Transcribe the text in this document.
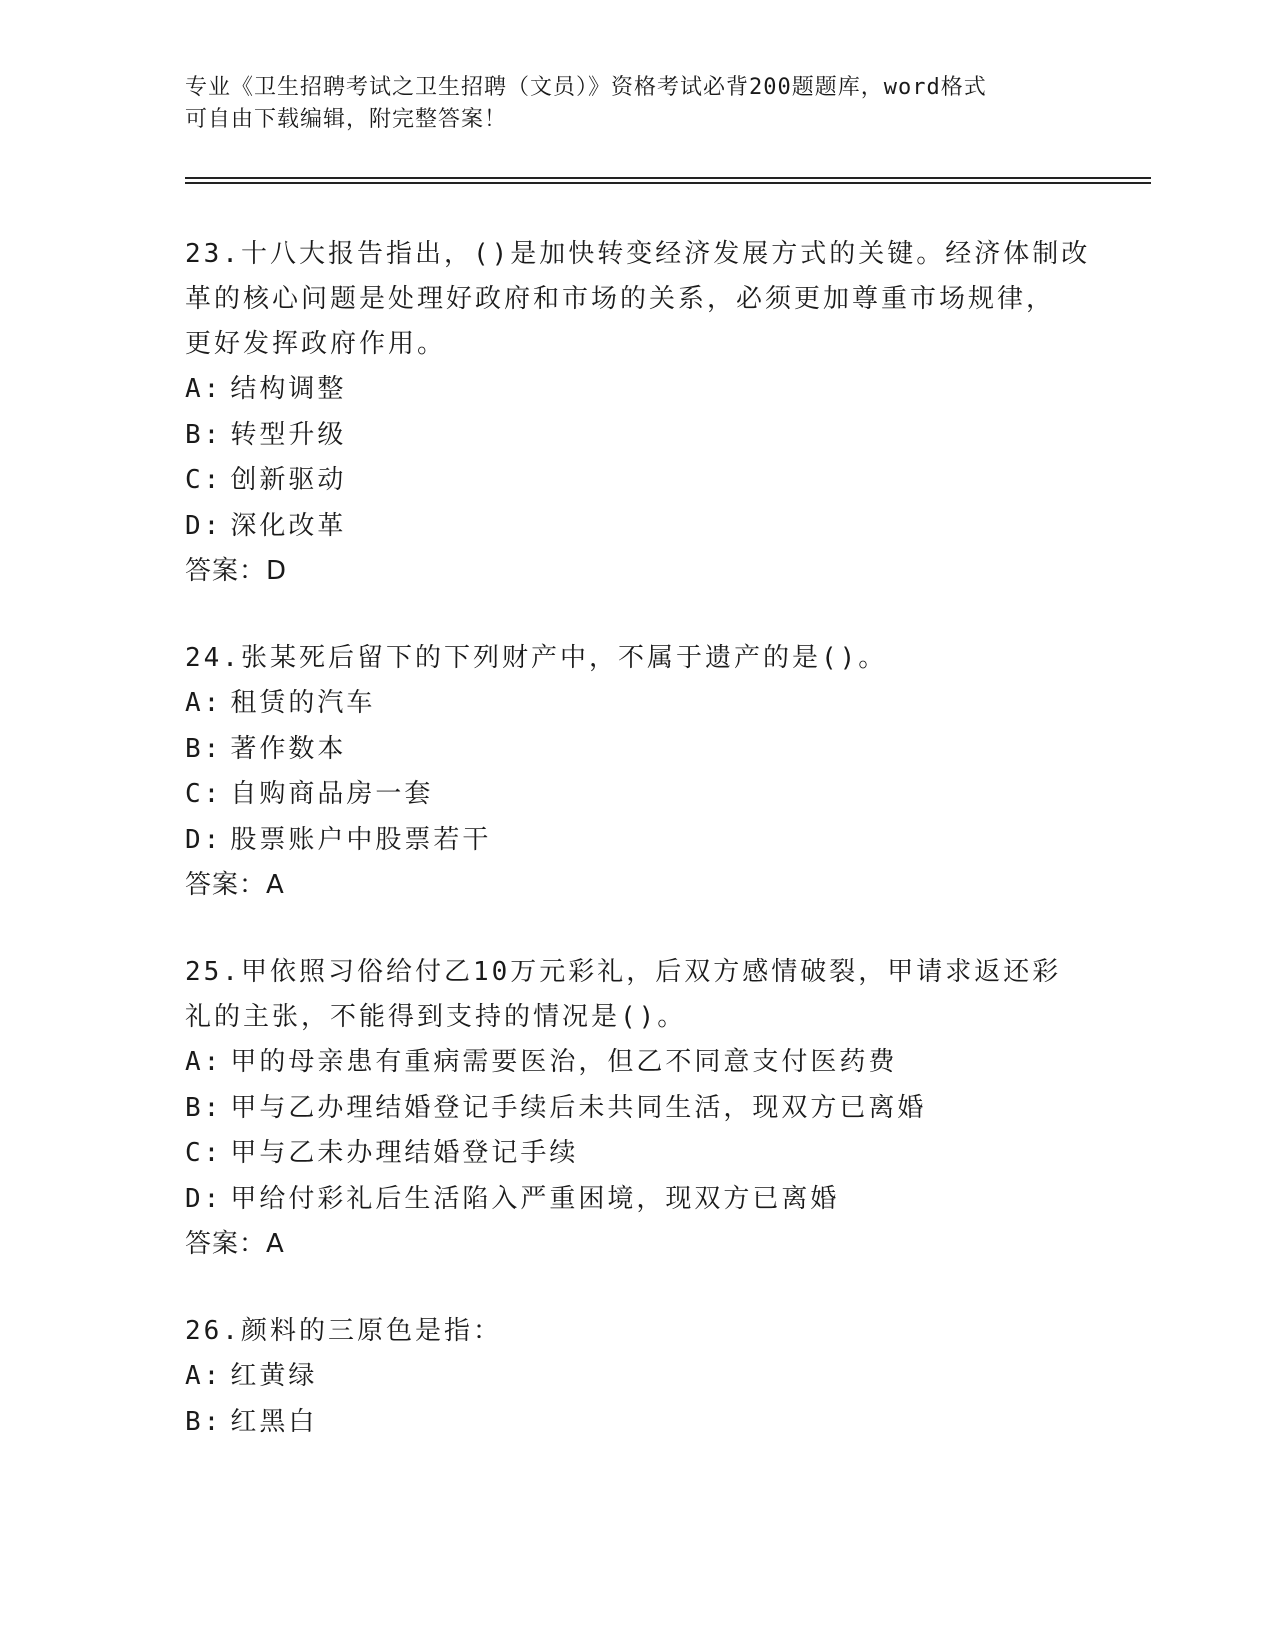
专业《卫生招聘考试之卫生招聘（文员）》资格考试必背200题题库，word格式
可自由下载编辑，附完整答案！
23.十八大报告指出，()是加快转变经济发展方式的关键。经济体制改
革的核心问题是处理好政府和市场的关系，必须更加尊重市场规律，
更好发挥政府作用。
A: 结构调整
B: 转型升级
C: 创新驱动
D: 深化改革
答案：D
24.张某死后留下的下列财产中，不属于遗产的是()。
A: 租赁的汽车
B: 著作数本
C: 自购商品房一套
D: 股票账户中股票若干
答案：A
25.甲依照习俗给付乙10万元彩礼，后双方感情破裂，甲请求返还彩
礼的主张，不能得到支持的情况是()。
A: 甲的母亲患有重病需要医治，但乙不同意支付医药费
B: 甲与乙办理结婚登记手续后未共同生活，现双方已离婚
C: 甲与乙未办理结婚登记手续
D: 甲给付彩礼后生活陷入严重困境，现双方已离婚
答案：A
26.颜料的三原色是指：
A: 红黄绿
B: 红黑白
